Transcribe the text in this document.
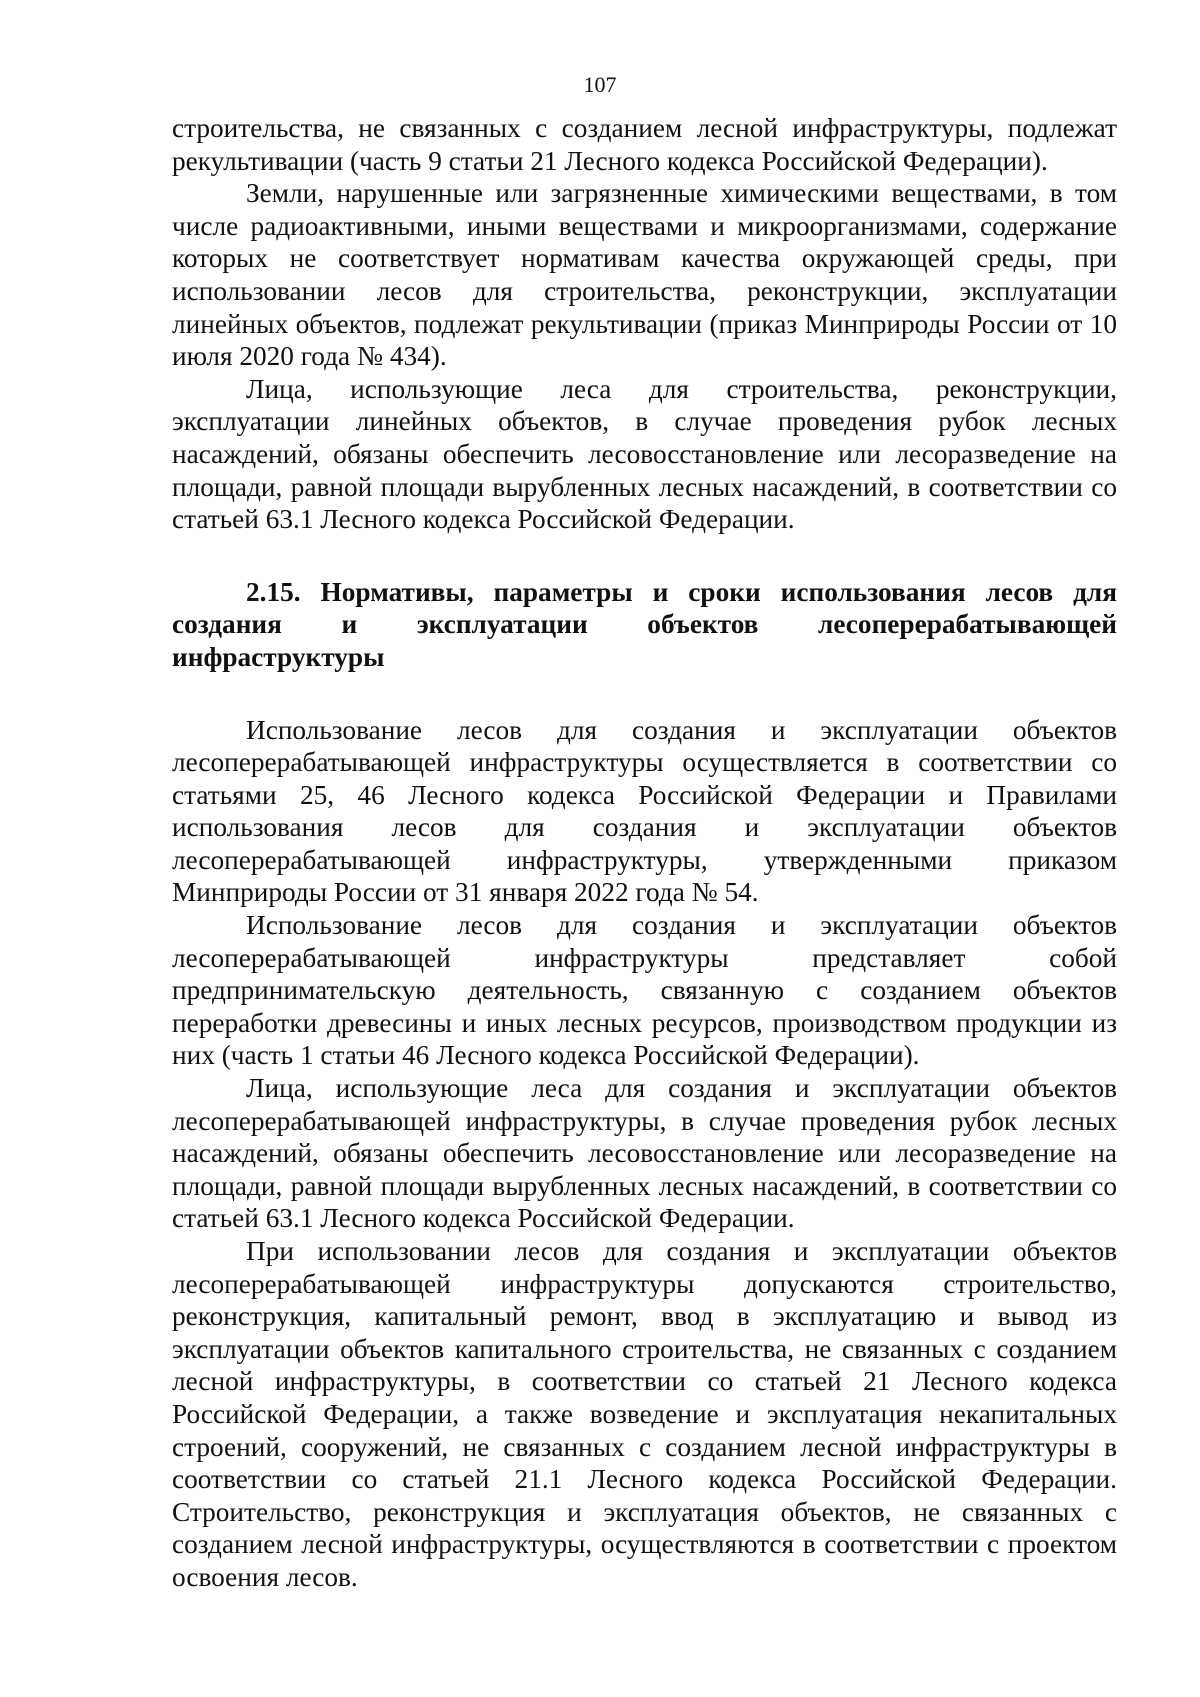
107

строительства, не связанных с созданием лесной инфраструктуры, подлежат рекультивации (часть 9 статьи 21 Лесного кодекса Российской Федерации).

Земли, нарушенные или загрязненные химическими веществами, в том числе радиоактивными, иными веществами и микроорганизмами, содержание которых не соответствует нормативам качества окружающей среды, при использовании лесов для строительства, реконструкции, эксплуатации линейных объектов, подлежат рекультивации (приказ Минприроды России от 10 июля 2020 года № 434).

Лица, использующие леса для строительства, реконструкции, эксплуатации линейных объектов, в случае проведения рубок лесных насаждений, обязаны обеспечить лесовосстановление или лесоразведение на площади, равной площади вырубленных лесных насаждений, в соответствии со статьей 63.1 Лесного кодекса Российской Федерации.

2.15. Нормативы, параметры и сроки использования лесов для создания и эксплуатации объектов лесоперерабатывающей инфраструктуры

Использование лесов для создания и эксплуатации объектов лесоперерабатывающей инфраструктуры осуществляется в соответствии со статьями 25, 46 Лесного кодекса Российской Федерации и Правилами использования лесов для создания и эксплуатации объектов лесоперерабатывающей инфраструктуры, утвержденными приказом Минприроды России от 31 января 2022 года № 54.

Использование лесов для создания и эксплуатации объектов лесоперерабатывающей инфраструктуры представляет собой предпринимательскую деятельность, связанную с созданием объектов переработки древесины и иных лесных ресурсов, производством продукции из них (часть 1 статьи 46 Лесного кодекса Российской Федерации).

Лица, использующие леса для создания и эксплуатации объектов лесоперерабатывающей инфраструктуры, в случае проведения рубок лесных насаждений, обязаны обеспечить лесовосстановление или лесоразведение на площади, равной площади вырубленных лесных насаждений, в соответствии со статьей 63.1 Лесного кодекса Российской Федерации.

При использовании лесов для создания и эксплуатации объектов лесоперерабатывающей инфраструктуры допускаются строительство, реконструкция, капитальный ремонт, ввод в эксплуатацию и вывод из эксплуатации объектов капитального строительства, не связанных с созданием лесной инфраструктуры, в соответствии со статьей 21 Лесного кодекса Российской Федерации, а также возведение и эксплуатация некапитальных строений, сооружений, не связанных с созданием лесной инфраструктуры в соответствии со статьей 21.1 Лесного кодекса Российской Федерации. Строительство, реконструкция и эксплуатация объектов, не связанных с созданием лесной инфраструктуры, осуществляются в соответствии с проектом освоения лесов.
